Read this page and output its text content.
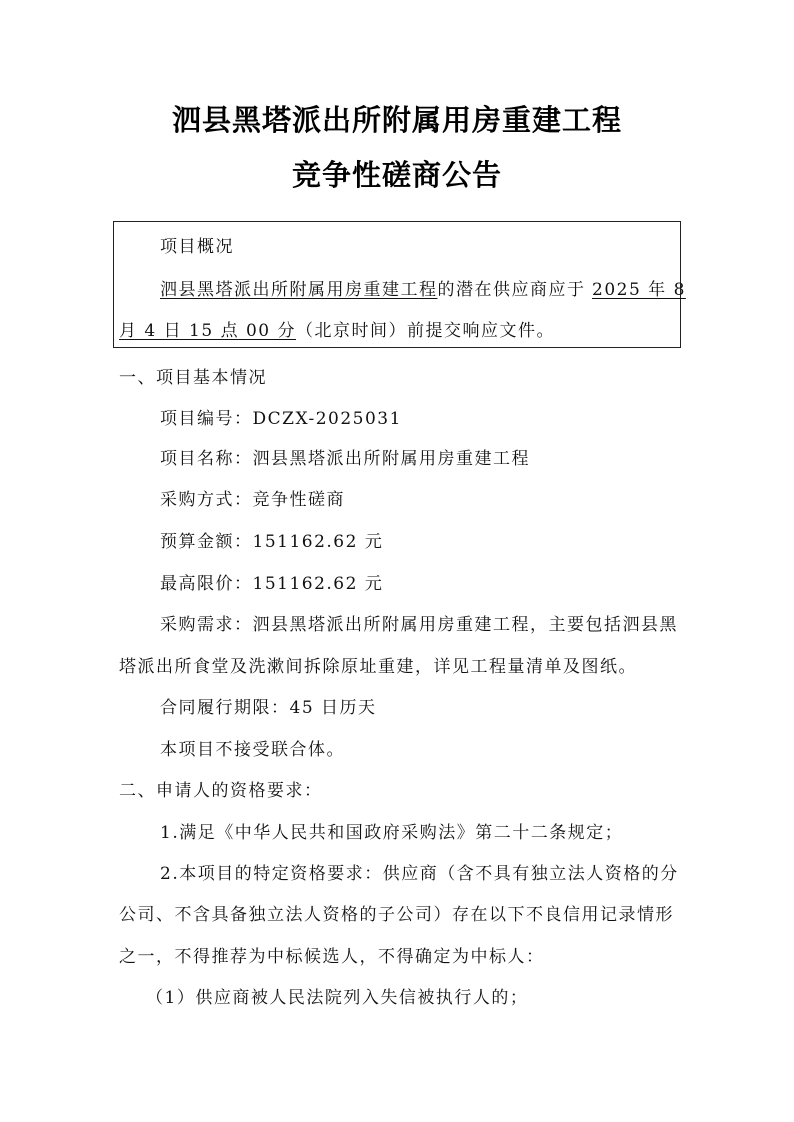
泗县黑塔派出所附属用房重建工程
竞争性磋商公告
项目概况
泗县黑塔派出所附属用房重建工程的潜在供应商应于 2025 年 8
月 4 日 15 点 00 分（北京时间）前提交响应文件。
一、项目基本情况
项目编号：DCZX-2025031
项目名称：泗县黑塔派出所附属用房重建工程
采购方式：竞争性磋商
预算金额：151162.62 元
最高限价：151162.62 元
采购需求：泗县黑塔派出所附属用房重建工程，主要包括泗县黑
塔派出所食堂及洗漱间拆除原址重建，详见工程量清单及图纸。
合同履行期限：45 日历天
本项目不接受联合体。
二、申请人的资格要求：
1.满足《中华人民共和国政府采购法》第二十二条规定；
2.本项目的特定资格要求：供应商（含不具有独立法人资格的分
公司、不含具备独立法人资格的子公司）存在以下不良信用记录情形
之一，不得推荐为中标候选人，不得确定为中标人：
（1）供应商被人民法院列入失信被执行人的；
